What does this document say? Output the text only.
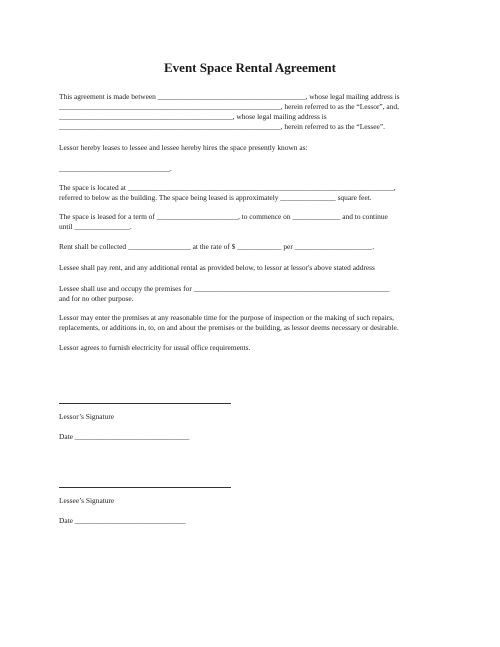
Event Space Rental Agreement
This agreement is made between ________________________________________, whose legal mailing address is
____________________________________________________________, herein referred to as the “Lessor”, and,
_______________________________________________, whose legal mailing address is
____________________________________________________________, herein referred to as the “Lessee”.
Lessor hereby leases to lessee and lessee hereby hires the space presently known as:
______________________________.
The space is located at ________________________________________________________________________,
referred to below as the building. The space being leased is approximately _______________ square feet.
The space is leased for a term of ______________________, to commence on _____________ and to continue
until _______________.
Rent shall be collected _________________ at the rate of $ ____________ per _____________________.
Lessee shall pay rent, and any additional rental as provided below, to lessor at lessor's above stated address
Lessee shall use and occupy the premises for _____________________________________________________
and for no other purpose.
Lessor may enter the premises at any reasonable time for the purpose of inspection or the making of such repairs,
replacements, or additions in, to, on and about the premises or the building, as lessor deems necessary or desirable.
Lessor agrees to furnish electricity for usual office requirements.
Lessor’s Signature
Date _______________________________
Lessee’s Signature
Date ______________________________
